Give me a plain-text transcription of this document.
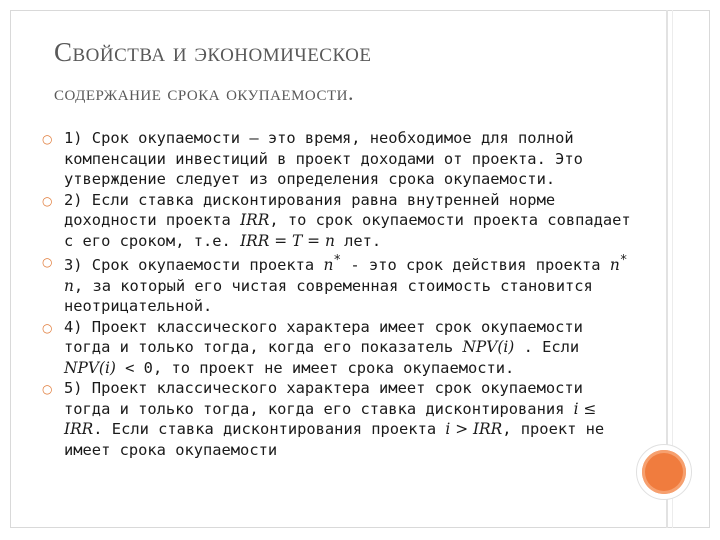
Свойства и экономическое
содержание срока окупаемости.
○ 1) Срок окупаемости – это время, необходимое для полной компенсации инвестиций в проект доходами от проекта. Это утверждение следует из определения срока окупаемости.
○ 2) Если ставка дисконтирования равна внутренней норме доходности проекта IRR, то срок окупаемости проекта совпадает с его сроком, т.е. IRR = T = n лет.
○ 3) Срок окупаемости проекта n* - это срок действия проекта n* n, за который его чистая современная стоимость становится неотрицательной.
○ 4) Проект классического характера имеет срок окупаемости тогда и только тогда, когда его показатель NPV(i) . Если NPV(i) < 0, то проект не имеет срока окупаемости.
○ 5) Проект классического характера имеет срок окупаемости тогда и только тогда, когда его ставка дисконтирования i ≤ IRR. Если ставка дисконтирования проекта i > IRR, проект не имеет срока окупаемости
